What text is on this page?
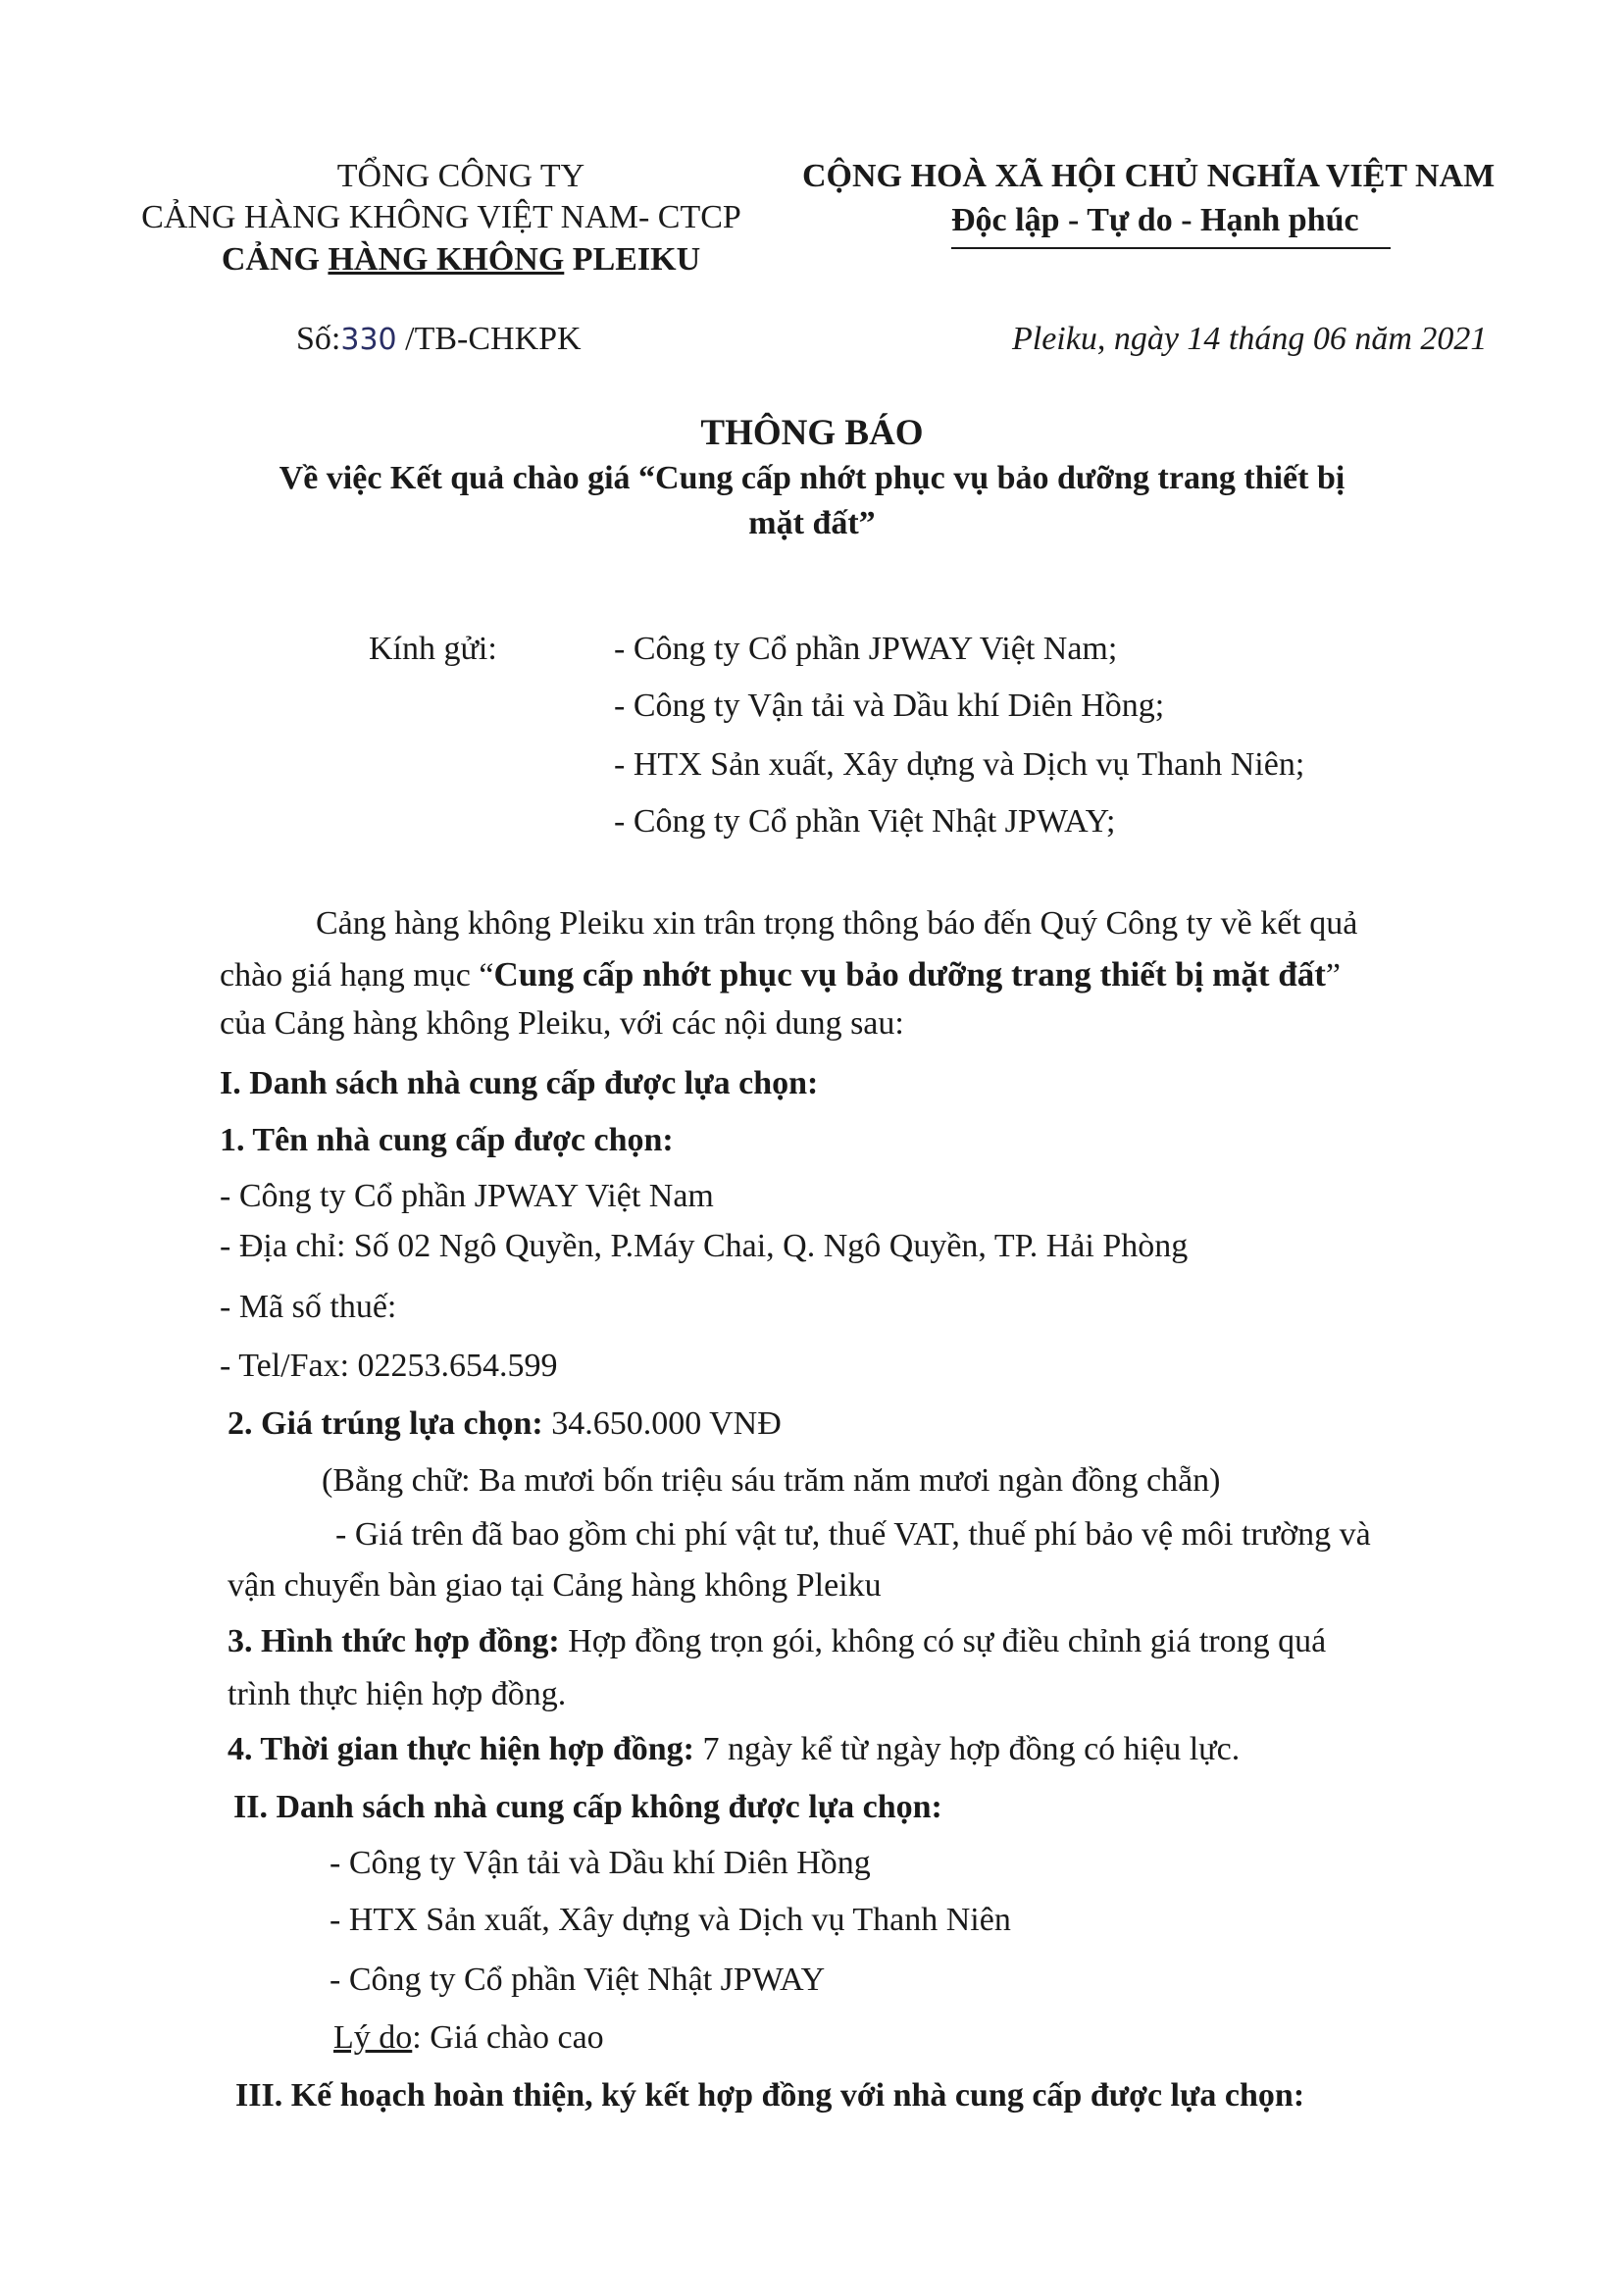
TỔNG CÔNG TY
CẢNG HÀNG KHÔNG VIỆT NAM- CTCP
CẢNG HÀNG KHÔNG PLEIKU
CỘNG HOÀ XÃ HỘI CHỦ NGHĨA VIỆT NAM
Độc lập - Tự do - Hạnh phúc
Số:330 /TB-CHKPK	Pleiku, ngày 14 tháng 06 năm 2021
THÔNG BÁO
Về việc Kết quả chào giá “Cung cấp nhớt phục vụ bảo dưỡng trang thiết bị
mặt đất”
Kính gửi:	- Công ty Cổ phần JPWAY Việt Nam;
- Công ty Vận tải và Dầu khí Diên Hồng;
- HTX Sản xuất, Xây dựng và Dịch vụ Thanh Niên;
- Công ty Cổ phần Việt Nhật JPWAY;
Cảng hàng không Pleiku xin trân trọng thông báo đến Quý Công ty về kết quả
chào giá hạng mục “Cung cấp nhớt phục vụ bảo dưỡng trang thiết bị mặt đất”
của Cảng hàng không Pleiku, với các nội dung sau:
I. Danh sách nhà cung cấp được lựa chọn:
1. Tên nhà cung cấp được chọn:
- Công ty Cổ phần JPWAY Việt Nam
- Địa chỉ: Số 02 Ngô Quyền, P.Máy Chai, Q. Ngô Quyền, TP. Hải Phòng
- Mã số thuế:
- Tel/Fax: 02253.654.599
2. Giá trúng lựa chọn: 34.650.000 VNĐ
(Bằng chữ: Ba mươi bốn triệu sáu trăm năm mươi ngàn đồng chẵn)
- Giá trên đã bao gồm chi phí vật tư, thuế VAT, thuế phí bảo vệ môi trường và
vận chuyển bàn giao tại Cảng hàng không Pleiku
3. Hình thức hợp đồng: Hợp đồng trọn gói, không có sự điều chỉnh giá trong quá
trình thực hiện hợp đồng.
4. Thời gian thực hiện hợp đồng: 7 ngày kể từ ngày hợp đồng có hiệu lực.
II. Danh sách nhà cung cấp không được lựa chọn:
- Công ty Vận tải và Dầu khí Diên Hồng
- HTX Sản xuất, Xây dựng và Dịch vụ Thanh Niên
- Công ty Cổ phần Việt Nhật JPWAY
Lý do: Giá chào cao
III. Kế hoạch hoàn thiện, ký kết hợp đồng với nhà cung cấp được lựa chọn:
